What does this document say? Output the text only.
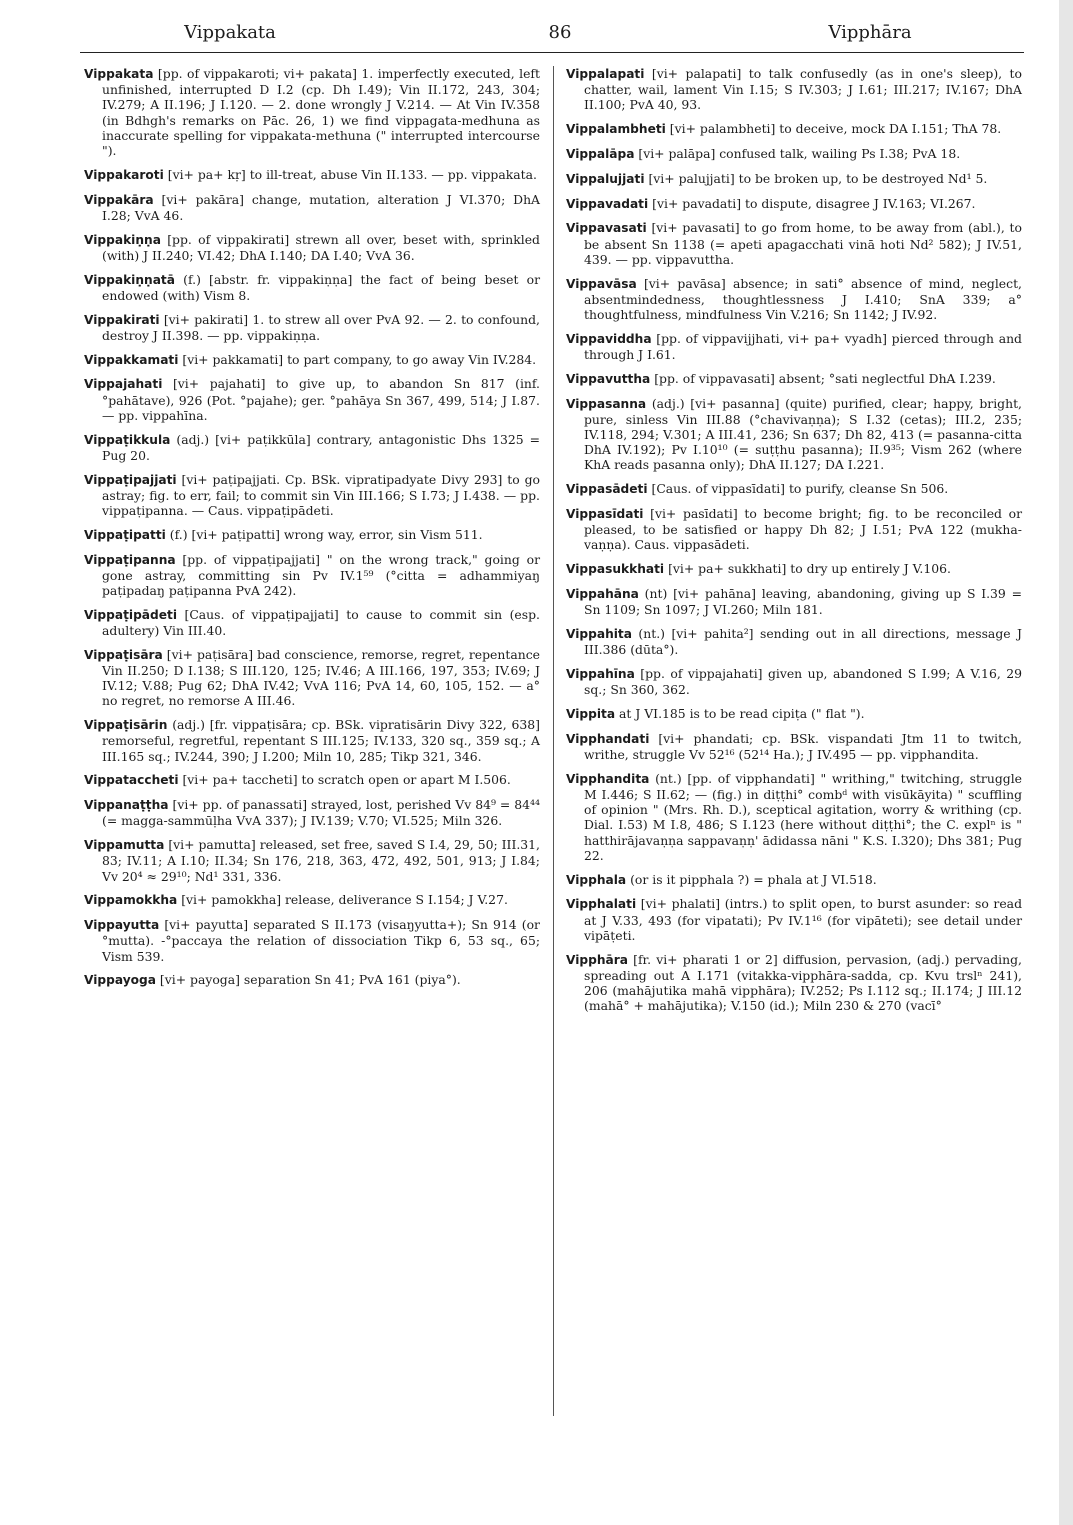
Vippakata	86	Vipphāra

Vippakata [pp. of vippakaroti; vi+ pakata] 1. imperfectly executed, left unfinished, interrupted D I.2 (cp. Dh I.49); Vin II.172, 243, 304; IV.279; A II.196; J I.120. — 2. done wrongly J V.214. — At Vin IV.358 (in Bdhgh's remarks on Pāc. 26, 1) we find vippagata-medhuna as inaccurate spelling for vippakata-methuna (" interrupted intercourse ").

Vippakaroti [vi+ pa+ kṛ] to ill-treat, abuse Vin II.133. — pp. vippakata.

Vippakāra [vi+ pakāra] change, mutation, alteration J VI.370; DhA I.28; VvA 46.

Vippakiṇṇa [pp. of vippakirati] strewn all over, beset with, sprinkled (with) J II.240; VI.42; DhA I.140; DA I.40; VvA 36.

Vippakiṇṇatā (f.) [abstr. fr. vippakiṇṇa] the fact of being beset or endowed (with) Vism 8.

Vippakirati [vi+ pakirati] 1. to strew all over PvA 92. — 2. to confound, destroy J II.398. — pp. vippakiṇṇa.

Vippakkamati [vi+ pakkamati] to part company, to go away Vin IV.284.

Vippajahati [vi+ pajahati] to give up, to abandon Sn 817 (inf. °pahātave), 926 (Pot. °pajahe); ger. °pahāya Sn 367, 499, 514; J I.87. — pp. vippahīna.

Vippaṭikkula (adj.) [vi+ paṭikkūla] contrary, antagonistic Dhs 1325 = Pug 20.

Vippaṭipajjati [vi+ paṭipajjati. Cp. BSk. vipratipadyate Divy 293] to go astray; fig. to err, fail; to commit sin Vin III.166; S I.73; J I.438. — pp. vippaṭipanna. — Caus. vippaṭipādeti.

Vippaṭipatti (f.) [vi+ paṭipatti] wrong way, error, sin Vism 511.

Vippaṭipanna [pp. of vippaṭipajjati] " on the wrong track," going or gone astray, committing sin Pv IV.1⁵⁹ (°citta = adhammiyaŋ paṭipadaŋ paṭipanna PvA 242).

Vippaṭipādeti [Caus. of vippaṭipajjati] to cause to commit sin (esp. adultery) Vin III.40.

Vippaṭisāra [vi+ paṭisāra] bad conscience, remorse, regret, repentance Vin II.250; D I.138; S III.120, 125; IV.46; A III.166, 197, 353; IV.69; J IV.12; V.88; Pug 62; DhA IV.42; VvA 116; PvA 14, 60, 105, 152. — a° no regret, no remorse A III.46.

Vippaṭisārin (adj.) [fr. vippaṭisāra; cp. BSk. vipratisārin Divy 322, 638] remorseful, regretful, repentant S III.125; IV.133, 320 sq., 359 sq.; A III.165 sq.; IV.244, 390; J I.200; Miln 10, 285; Tikp 321, 346.

Vippataccheti [vi+ pa+ taccheti] to scratch open or apart M I.506.

Vippanaṭṭha [vi+ pp. of panassati] strayed, lost, perished Vv 84⁹ = 84⁴⁴ (= magga-sammūḷha VvA 337); J IV.139; V.70; VI.525; Miln 326.

Vippamutta [vi+ pamutta] released, set free, saved S I.4, 29, 50; III.31, 83; IV.11; A I.10; II.34; Sn 176, 218, 363, 472, 492, 501, 913; J I.84; Vv 20⁴ ≈ 29¹⁰; Nd¹ 331, 336.

Vippamokkha [vi+ pamokkha] release, deliverance S I.154; J V.27.

Vippayutta [vi+ payutta] separated S II.173 (visaŋyutta+); Sn 914 (or °mutta). -°paccaya the relation of dissociation Tikp 6, 53 sq., 65; Vism 539.

Vippayoga [vi+ payoga] separation Sn 41; PvA 161 (piya°).

Vippalapati [vi+ palapati] to talk confusedly (as in one's sleep), to chatter, wail, lament Vin I.15; S IV.303; J I.61; III.217; IV.167; DhA II.100; PvA 40, 93.

Vippalambheti [vi+ palambheti] to deceive, mock DA I.151; ThA 78.

Vippalāpa [vi+ palāpa] confused talk, wailing Ps I.38; PvA 18.

Vippalujjati [vi+ palujjati] to be broken up, to be destroyed Nd¹ 5.

Vippavadati [vi+ pavadati] to dispute, disagree J IV.163; VI.267.

Vippavasati [vi+ pavasati] to go from home, to be away from (abl.), to be absent Sn 1138 (= apeti apagacchati vinā hoti Nd² 582); J IV.51, 439. — pp. vippavuttha.

Vippavāsa [vi+ pavāsa] absence; in sati° absence of mind, neglect, absentmindedness, thoughtlessness J I.410; SnA 339; a° thoughtfulness, mindfulness Vin V.216; Sn 1142; J IV.92.

Vippaviddha [pp. of vippavijjhati, vi+ pa+ vyadh] pierced through and through J I.61.

Vippavuttha [pp. of vippavasati] absent; °sati neglectful DhA I.239.

Vippasanna (adj.) [vi+ pasanna] (quite) purified, clear; happy, bright, pure, sinless Vin III.88 (°chavivaṇṇa); S I.32 (cetas); III.2, 235; IV.118, 294; V.301; A III.41, 236; Sn 637; Dh 82, 413 (= pasanna-citta DhA IV.192); Pv I.10¹⁰ (= suṭṭhu pasanna); II.9³⁵; Vism 262 (where KhA reads pasanna only); DhA II.127; DA I.221.

Vippasādeti [Caus. of vippasīdati] to purify, cleanse Sn 506.

Vippasīdati [vi+ pasīdati] to become bright; fig. to be reconciled or pleased, to be satisfied or happy Dh 82; J I.51; PvA 122 (mukha-vaṇṇa). Caus. vippasādeti.

Vippasukkhati [vi+ pa+ sukkhati] to dry up entirely J V.106.

Vippahāna (nt) [vi+ pahāna] leaving, abandoning, giving up S I.39 = Sn 1109; Sn 1097; J VI.260; Miln 181.

Vippahita (nt.) [vi+ pahita²] sending out in all directions, message J III.386 (dūta°).

Vippahīna [pp. of vippajahati] given up, abandoned S I.99; A V.16, 29 sq.; Sn 360, 362.

Vippita at J VI.185 is to be read cipiṭa (" flat ").

Vipphandati [vi+ phandati; cp. BSk. vispandati Jtm 11 to twitch, writhe, struggle Vv 52¹⁶ (52¹⁴ Ha.); J IV.495 — pp. vipphandita.

Vipphandita (nt.) [pp. of vipphandati] " writhing," twitching, struggle M I.446; S II.62; — (fig.) in diṭṭhi° combᵈ with visūkāyita) " scuffling of opinion " (Mrs. Rh. D.), sceptical agitation, worry & writhing (cp. Dial. I.53) M I.8, 486; S I.123 (here without diṭṭhi°; the C. explⁿ is " hatthirājavaṇṇa sappavaṇṇ' ādidassa nāni " K.S. I.320); Dhs 381; Pug 22.

Vipphala (or is it pipphala ?) = phala at J VI.518.

Vipphalati [vi+ phalati] (intrs.) to split open, to burst asunder: so read at J V.33, 493 (for vipatati); Pv IV.1¹⁶ (for vipāteti); see detail under vipāṭeti.

Vipphāra [fr. vi+ pharati 1 or 2] diffusion, pervasion, (adj.) pervading, spreading out A I.171 (vitakka-vipphāra-sadda, cp. Kvu trslⁿ 241), 206 (mahājutika mahā vipphāra); IV.252; Ps I.112 sq.; II.174; J III.12 (mahā° + mahājutika); V.150 (id.); Miln 230 & 270 (vacī°
